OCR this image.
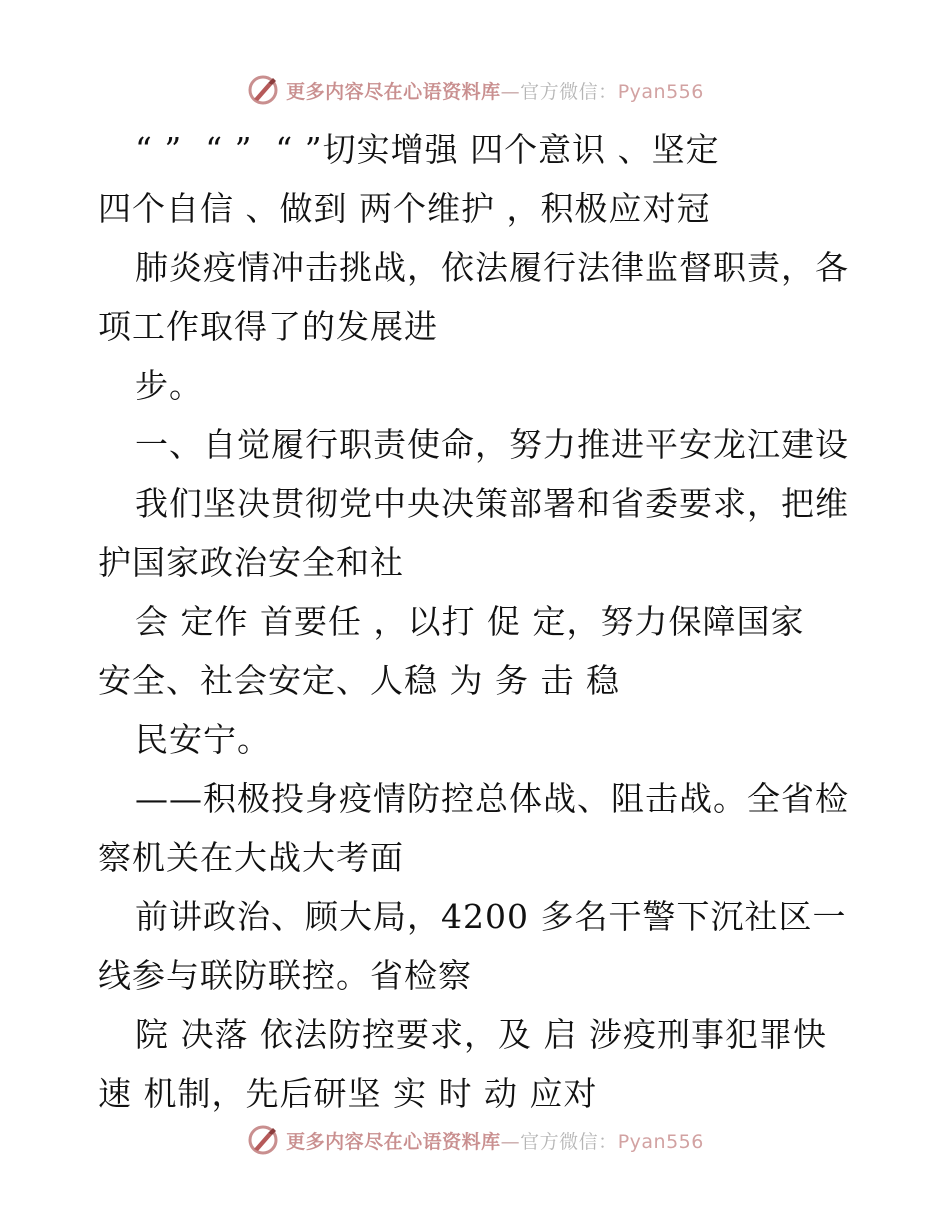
更多内容尽在心语资料库—官方微信：Pyan556
“ ”  “ ”  “ ”切实增强 四个意识 、坚定
四个自信 、做到 两个维护 ，积极应对冠
肺炎疫情冲击挑战，依法履行法律监督职责，各
项工作取得了的发展进
步。
一、自觉履行职责使命，努力推进平安龙江建设
我们坚决贯彻党中央决策部署和省委要求，把维
护国家政治安全和社
会 定作 首要任 ，以打 促 定，努力保障国家
安全、社会安定、人稳 为 务 击 稳
民安宁。
——积极投身疫情防控总体战、阻击战。全省检
察机关在大战大考面
前讲政治、顾大局，4200 多名干警下沉社区一
线参与联防联控。省检察
院 决落 依法防控要求，及 启 涉疫刑事犯罪快
速 机制，先后研坚 实 时 动 应对
更多内容尽在心语资料库—官方微信：Pyan556
